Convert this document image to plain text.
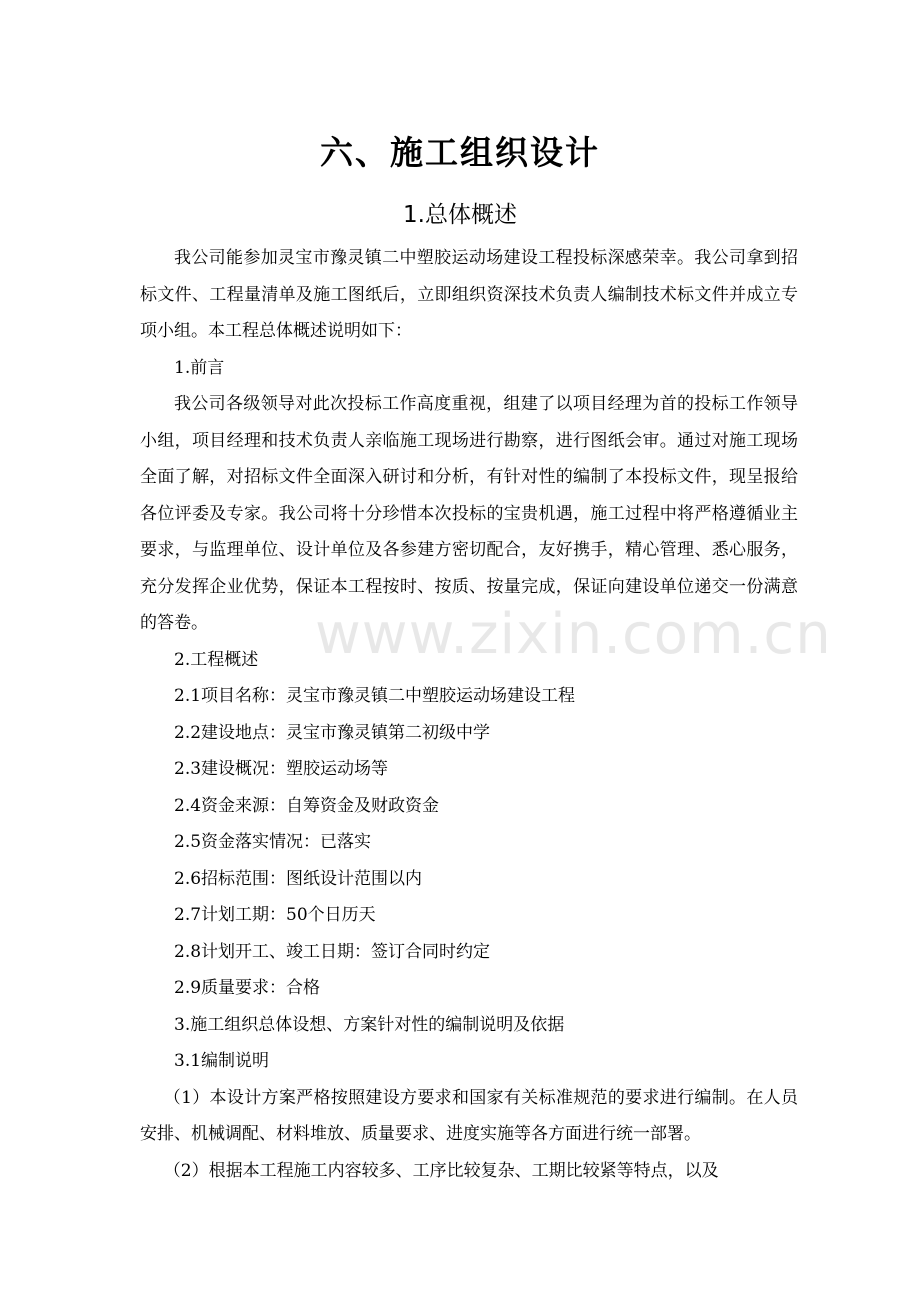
六、施工组织设计
1.总体概述

我公司能参加灵宝市豫灵镇二中塑胶运动场建设工程投标深感荣幸。我公司拿到招标文件、工程量清单及施工图纸后，立即组织资深技术负责人编制技术标文件并成立专项小组。本工程总体概述说明如下：

1.前言

我公司各级领导对此次投标工作高度重视，组建了以项目经理为首的投标工作领导小组，项目经理和技术负责人亲临施工现场进行勘察，进行图纸会审。通过对施工现场全面了解，对招标文件全面深入研讨和分析，有针对性的编制了本投标文件，现呈报给各位评委及专家。我公司将十分珍惜本次投标的宝贵机遇，施工过程中将严格遵循业主要求，与监理单位、设计单位及各参建方密切配合，友好携手，精心管理、悉心服务，充分发挥企业优势，保证本工程按时、按质、按量完成，保证向建设单位递交一份满意的答卷。

2.工程概述

2.1项目名称：灵宝市豫灵镇二中塑胶运动场建设工程

2.2建设地点：灵宝市豫灵镇第二初级中学

2.3建设概况：塑胶运动场等

2.4资金来源：自筹资金及财政资金

2.5资金落实情况：已落实

2.6招标范围：图纸设计范围以内

2.7计划工期：50个日历天

2.8计划开工、竣工日期：签订合同时约定

2.9质量要求：合格

3.施工组织总体设想、方案针对性的编制说明及依据

3.1编制说明

（1）本设计方案严格按照建设方要求和国家有关标准规范的要求进行编制。在人员安排、机械调配、材料堆放、质量要求、进度实施等各方面进行统一部署。

（2）根据本工程施工内容较多、工序比较复杂、工期比较紧等特点，以及

www.zixin.com.cn
